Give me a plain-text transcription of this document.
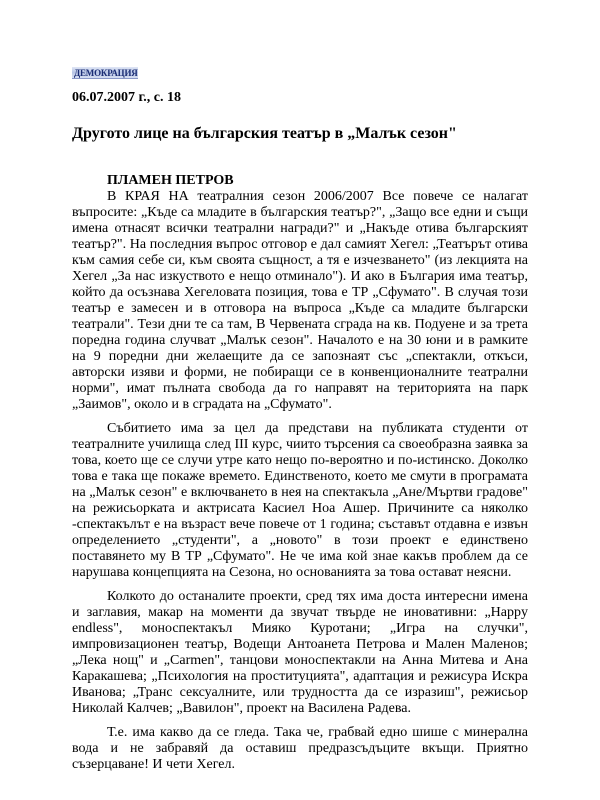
ДЕМОКРАЦИЯ
06.07.2007 г., с. 18
Другото лице на българския театър в „Малък сезон"
ПЛАМЕН ПЕТРОВ

В КРАЯ НА театралния сезон 2006/2007 Все повече се налагат въпросите: „Къде са младите в българския театър?", „Защо все едни и същи имена отнасят всички театрални награди?" и „Накъде отива българският театър?". На последния въпрос отговор е дал самият Хегел: „Театърът отива към самия себе си, към своята същност, а тя е изчезването" (из лекцията на Хегел „За нас изкуството е нещо отминало"). И ако в България има театър, който да осъзнава Хегеловата позиция, това е ТР „Сфумато". В случая този театър е замесен и в отговора на въпроса „Къде са младите български театрали". Тези дни те са там, В Червената сграда на кв. Подуене и за трета поредна година случват „Малък сезон". Началото е на 30 юни и в рамките на 9 поредни дни желаещите да се запознаят със „спектакли, откъси, авторски изяви и форми, не побиращи се в конвенционалните театрални норми", имат пълната свобода да го направят на територията на парк „Заимов", около и в сградата на „Сфумато".

Събитието има за цел да представи на публиката студенти от театралните училища след III курс, чиито търсения са своеобразна заявка за това, което ще се случи утре като нещо по-вероятно и по-истинско. Доколко това е така ще покаже времето. Единственото, което ме смути в програмата на „Малък сезон" е включването в нея на спектакъла „Ане/Мъртви градове" на режисьорката и актрисата Касиел Ноа Ашер. Причините са няколко -спектакълът е на възраст вече повече от 1 година; съставът отдавна е извън определението „студенти", а „новото" в този проект е единствено поставянето му В ТР „Сфумато". Не че има кой знае какъв проблем да се нарушава концепцията на Сезона, но основанията за това остават неясни.

Колкото до останалите проекти, сред тях има доста интересни имена и заглавия, макар на моменти да звучат твърде не иновативни: „Happy endless", моноспектакъл Мияко Куротани; „Игра на случки", импровизационен театър, Водещи Антоанета Петрова и Мален Маленов; „Лека нощ" и „Carmen", танцови моноспектакли на Анна Митева и Ана Каракашева; „Психология на проституцията", адаптация и режисура Искра Иванова; „Транс сексуалните, или трудността да се изразиш", режисьор Николай Калчев; „Вавилон", проект на Василена Радева.

Т.е. има какво да се гледа. Така че, грабвай едно шише с минерална вода и не забравяй да оставиш предразсъдъците вкъщи. Приятно съзерцаване! И чети Хегел.
